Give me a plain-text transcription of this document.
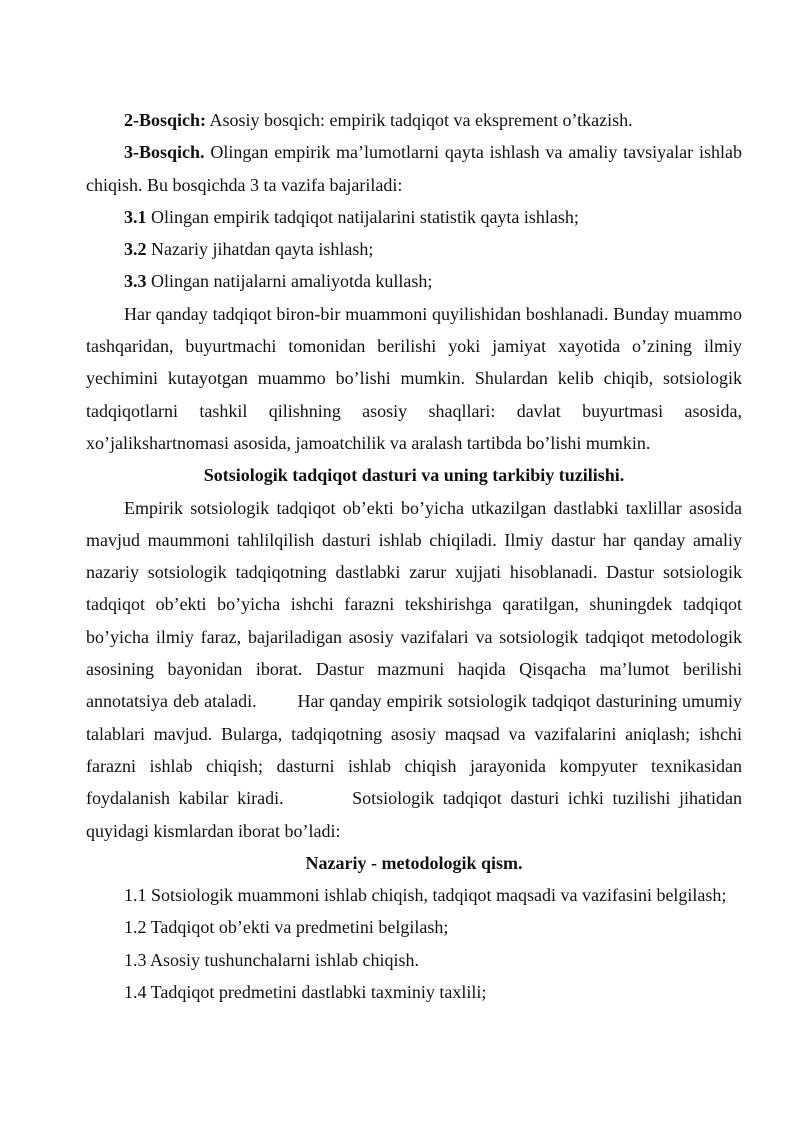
2-Bosqich: Asosiy bosqich: empirik tadqiqot va ekspremеnt o’tkazish.

3-Bosqich. Olingan empirik ma’lumotlarni qayta ishlash va amaliy tavsiyalar ishlab chiqish. Bu bosqichda 3 ta vazifa bajariladi:

3.1 Olingan empirik tadqiqot natijalarini statistik qayta ishlash;

3.2 Nazariy jihatdan qayta ishlash;

3.3 Olingan natijalarni amaliyotda kullash;

Har qanday tadqiqot biron-bir muammoni quyilishidan boshlanadi. Bunday muammo tashqaridan, buyurtmachi tomonidan berilishi yoki jamiyat xayotida o’zining ilmiy yechimini kutayotgan muammo bo’lishi mumkin. Shulardan kelib chiqib, sotsiologik tadqiqotlarni tashkil qilishning asosiy shaqllari: davlat buyurtmasi asosida, xo’jalikshartnomasi asosida, jamoatchilik va aralash tartibda bo’lishi mumkin.

Sotsiologik tadqiqot dasturi va uning tarkibiy tuzilishi.

Empirik sotsiologik tadqiqot ob’ekti bo’yicha utkazilgan dastlabki taxlillar asosida mavjud maummoni tahlilqilish dasturi ishlab chiqiladi. Ilmiy dastur har qanday amaliy nazariy sotsiologik tadqiqotning dastlabki zarur xujjati hisoblanadi. Dastur sotsiologik tadqiqot ob’ekti bo’yicha ishchi farazni tekshirishga qaratilgan, shuningdek tadqiqot bo’yicha ilmiy faraz, bajariladigan asosiy vazifalari va sotsiologik tadqiqot metodologik asosining bayonidan iborat. Dastur mazmuni haqida Qisqacha ma’lumot berilishi annotatsiya deb ataladi.        Har qanday empirik sotsiologik tadqiqot dasturining umumiy talablari mavjud. Bularga, tadqiqotning asosiy maqsad va vazifalarini aniqlash; ishchi farazni ishlab chiqish; dasturni ishlab chiqish jarayonida kompyuter texnikasidan foydalanish kabilar kiradi.        Sotsiologik tadqiqot dasturi ichki tuzilishi jihatidan quyidagi kismlardan iborat bo’ladi:

Nazariy - metodologik qism.

1.1 Sotsiologik muammoni ishlab chiqish, tadqiqot maqsadi va vazifasini belgilash;

1.2 Tadqiqot ob’ekti va predmetini belgilash;

1.3 Asosiy tushunchalarni ishlab chiqish.

1.4 Tadqiqot predmetini dastlabki taxminiy taxlili;
